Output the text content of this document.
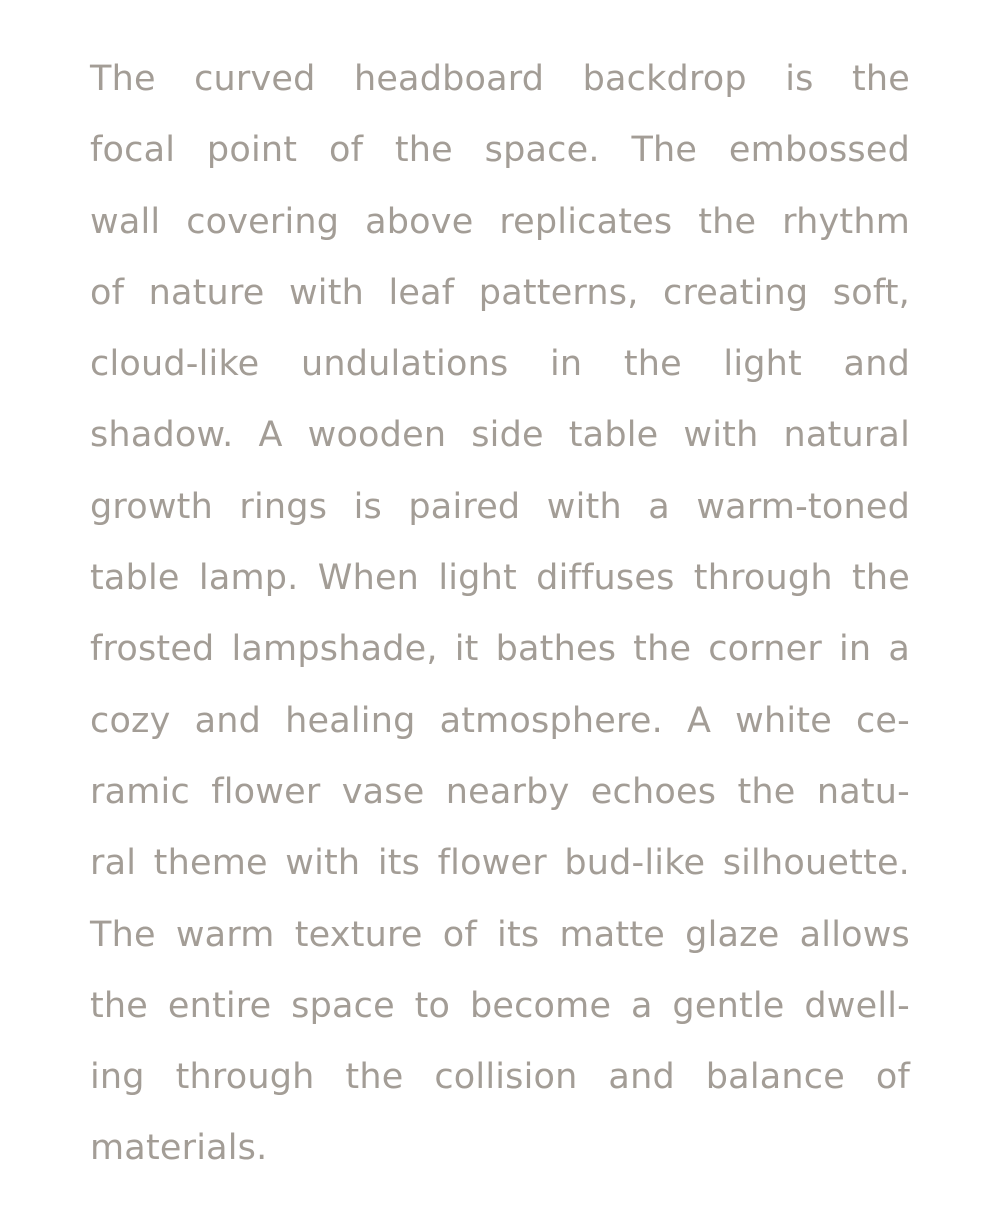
The curved headboard backdrop is the
focal point of the space. The embossed
wall covering above replicates the rhythm
of nature with leaf patterns, creating soft,
cloud-like undulations in the light and
shadow. A wooden side table with natural
growth rings is paired with a warm-toned
table lamp. When light diffuses through the
frosted lampshade, it bathes the corner in a
cozy and healing atmosphere. A white ce-
ramic flower vase nearby echoes the natu-
ral theme with its flower bud-like silhouette.
The warm texture of its matte glaze allows
the entire space to become a gentle dwell-
ing through the collision and balance of
materials.
